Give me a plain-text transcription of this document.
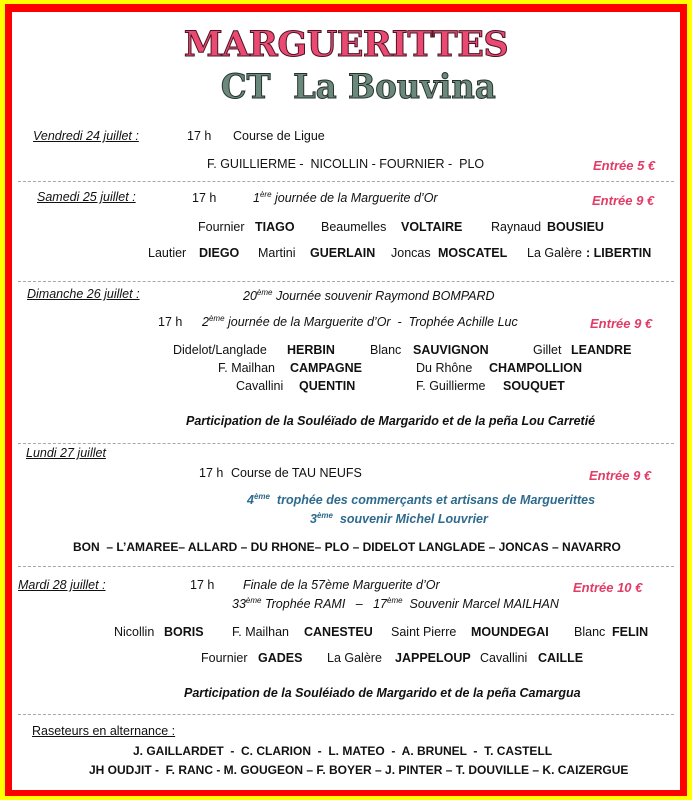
MARGUERITTES
CT  La Bouvina
Vendredi 24 juillet :	17 h Course de Ligue
F. GUILLIERME -  NICOLLIN - FOURNIER -  PLO	Entrée 5 €
Samedi 25 juillet :	17 h	1ère journée de la Marguerite d’Or	Entrée 9 €
Fournier TIAGO Beaumelles VOLTAIRE Raynaud BOUSIEU
Lautier DIEGO Martini GUERLAIN Joncas MOSCATEL La Galère : LIBERTIN
Dimanche 26 juillet :	20ème Journée souvenir Raymond BOMPARD
17 h 2ème journée de la Marguerite d’Or  -  Trophée Achille Luc	Entrée 9 €
Didelot/Langlade HERBIN	Blanc SAUVIGNON	Gillet LEANDRE
F. Mailhan CAMPAGNE	Du Rhône CHAMPOLLION
Cavallini QUENTIN	F. Guillierme SOUQUET
Participation de la Souléïado de Margarido et de la peña Lou Carretié
Lundi 27 juillet
17 h Course de TAU NEUFS	Entrée 9 €
4ème  trophée des commerçants et artisans de Marguerittes
3ème  souvenir Michel Louvrier
BON  – L’AMAREE– ALLARD – DU RHONE– PLO – DIDELOT LANGLADE – JONCAS – NAVARRO
Mardi 28 juillet :	17 h Finale de la 57ème Marguerite d’Or	Entrée 10 €
33ème Trophée RAMI   –   17ème  Souvenir Marcel MAILHAN
Nicollin BORIS F. Mailhan CANESTEU Saint Pierre MOUNDEGAI Blanc FELIN
Fournier GADES La Galère JAPPELOUP Cavallini CAILLE
Participation de la Souléiado de Margarido et de la peña Camargua
Raseteurs en alternance :
J. GAILLARDET  -  C. CLARION  -  L. MATEO  -  A. BRUNEL  -  T. CASTELL
JH OUDJIT -  F. RANC - M. GOUGEON – F. BOYER – J. PINTER – T. DOUVILLE – K. CAIZERGUE
